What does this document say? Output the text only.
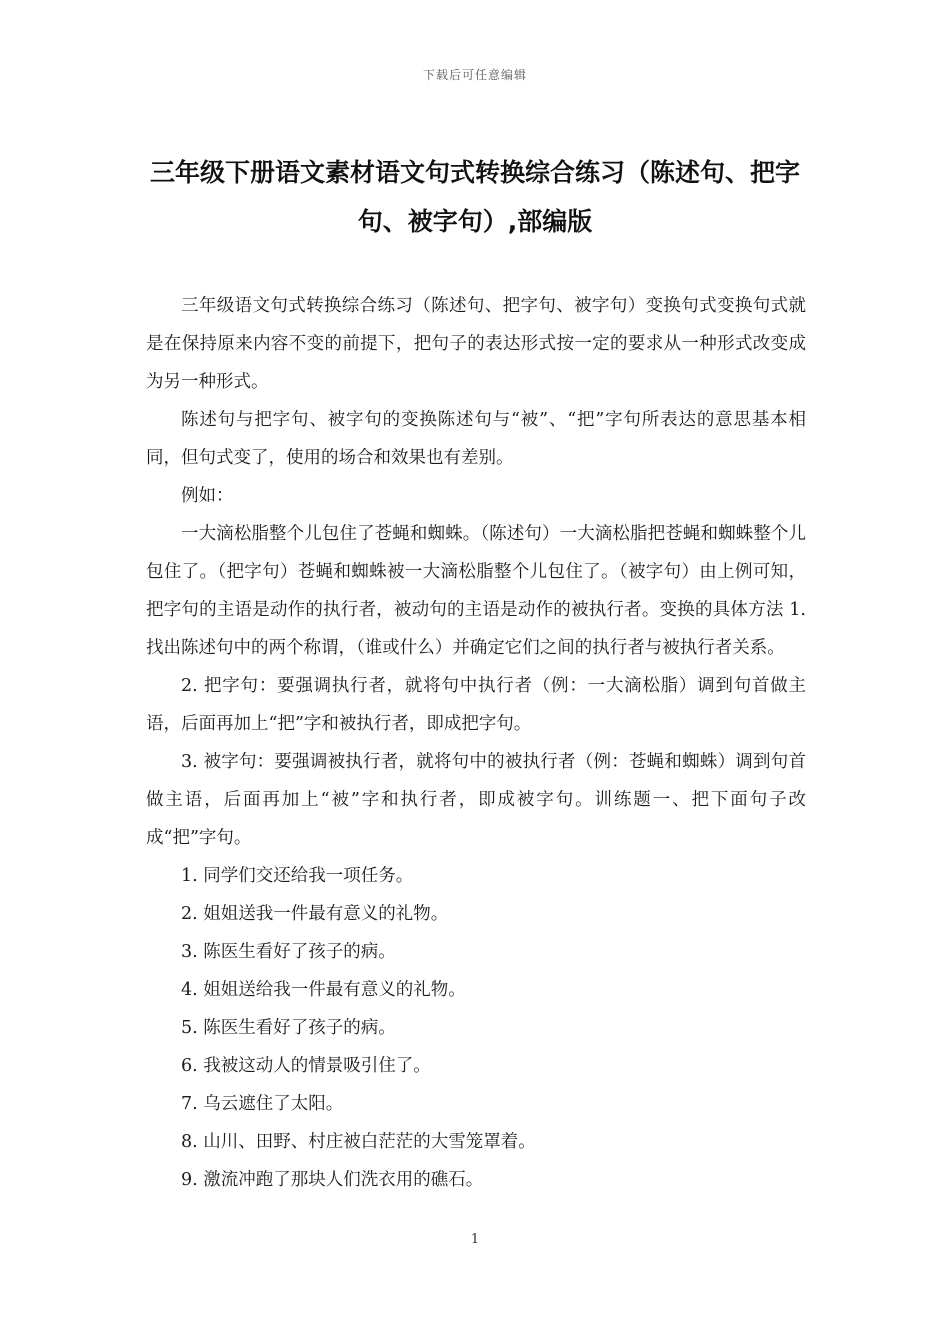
下载后可任意编辑
三年级下册语文素材语文句式转换综合练习（陈述句、把字句、被字句）,部编版

三年级语文句式转换综合练习（陈述句、把字句、被字句）变换句式变换句式就是在保持原来内容不变的前提下，把句子的表达形式按一定的要求从一种形式改变成为另一种形式。

陈述句与把字句、被字句的变换陈述句与“被”、“把”字句所表达的意思基本相同，但句式变了，使用的场合和效果也有差别。

例如：

一大滴松脂整个儿包住了苍蝇和蜘蛛。（陈述句）一大滴松脂把苍蝇和蜘蛛整个儿包住了。（把字句）苍蝇和蜘蛛被一大滴松脂整个儿包住了。（被字句）由上例可知，把字句的主语是动作的执行者，被动句的主语是动作的被执行者。变换的具体方法 1. 找出陈述句中的两个称谓，（谁或什么）并确定它们之间的执行者与被执行者关系。

2. 把字句：要强调执行者，就将句中执行者（例：一大滴松脂）调到句首做主语，后面再加上“把”字和被执行者，即成把字句。

3. 被字句：要强调被执行者，就将句中的被执行者（例：苍蝇和蜘蛛）调到句首做主语，后面再加上“被”字和执行者，即成被字句。训练题一、把下面句子改成“把”字句。

1. 同学们交还给我一项任务。
2. 姐姐送我一件最有意义的礼物。
3. 陈医生看好了孩子的病。
4. 姐姐送给我一件最有意义的礼物。
5. 陈医生看好了孩子的病。
6. 我被这动人的情景吸引住了。
7. 乌云遮住了太阳。
8. 山川、田野、村庄被白茫茫的大雪笼罩着。
9. 激流冲跑了那块人们洗衣用的礁石。
1
